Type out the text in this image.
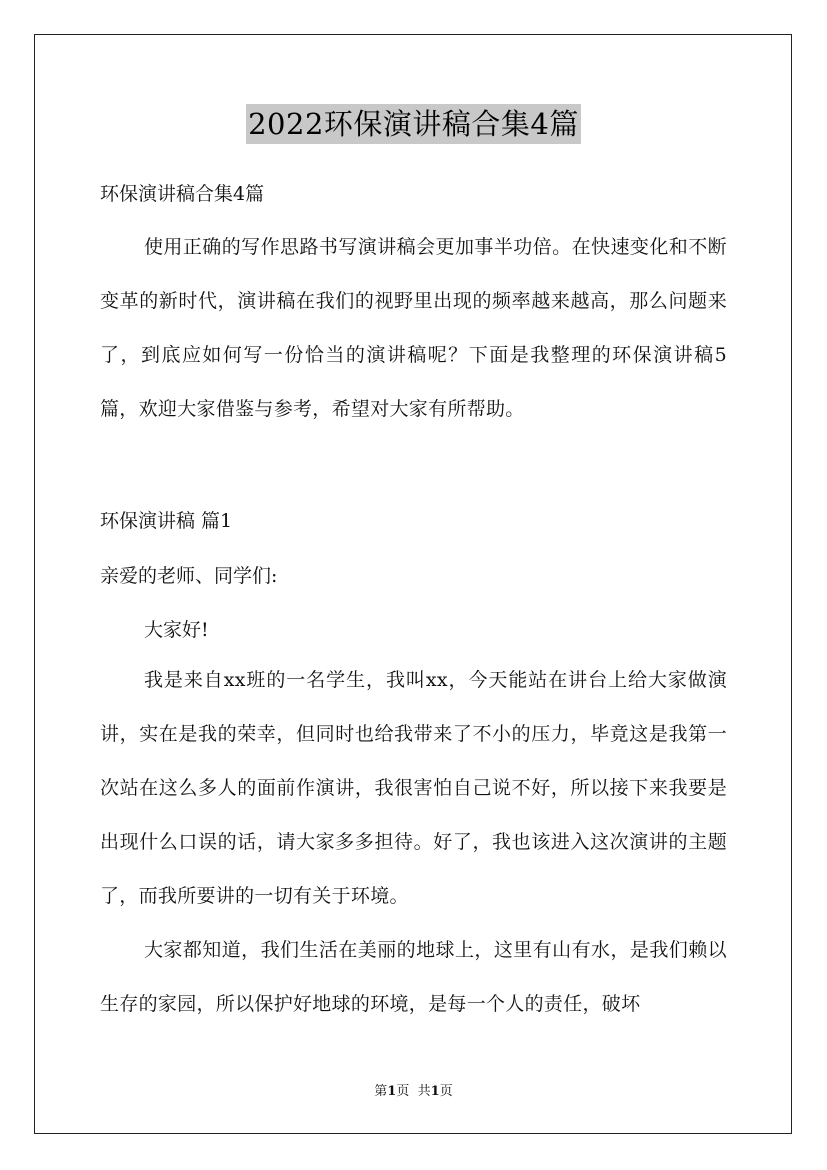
2022环保演讲稿合集4篇

环保演讲稿合集4篇

使用正确的写作思路书写演讲稿会更加事半功倍。在快速变化和不断变革的新时代，演讲稿在我们的视野里出现的频率越来越高，那么问题来了，到底应如何写一份恰当的演讲稿呢？下面是我整理的环保演讲稿5篇，欢迎大家借鉴与参考，希望对大家有所帮助。

环保演讲稿 篇1

亲爱的老师、同学们:

大家好!

我是来自xx班的一名学生，我叫xx，今天能站在讲台上给大家做演讲，实在是我的荣幸，但同时也给我带来了不小的压力，毕竟这是我第一次站在这么多人的面前作演讲，我很害怕自己说不好，所以接下来我要是出现什么口误的话，请大家多多担待。好了，我也该进入这次演讲的主题了，而我所要讲的一切有关于环境。

大家都知道，我们生活在美丽的地球上，这里有山有水，是我们赖以生存的家园，所以保护好地球的环境，是每一个人的责任，破坏

第1页 共1页
